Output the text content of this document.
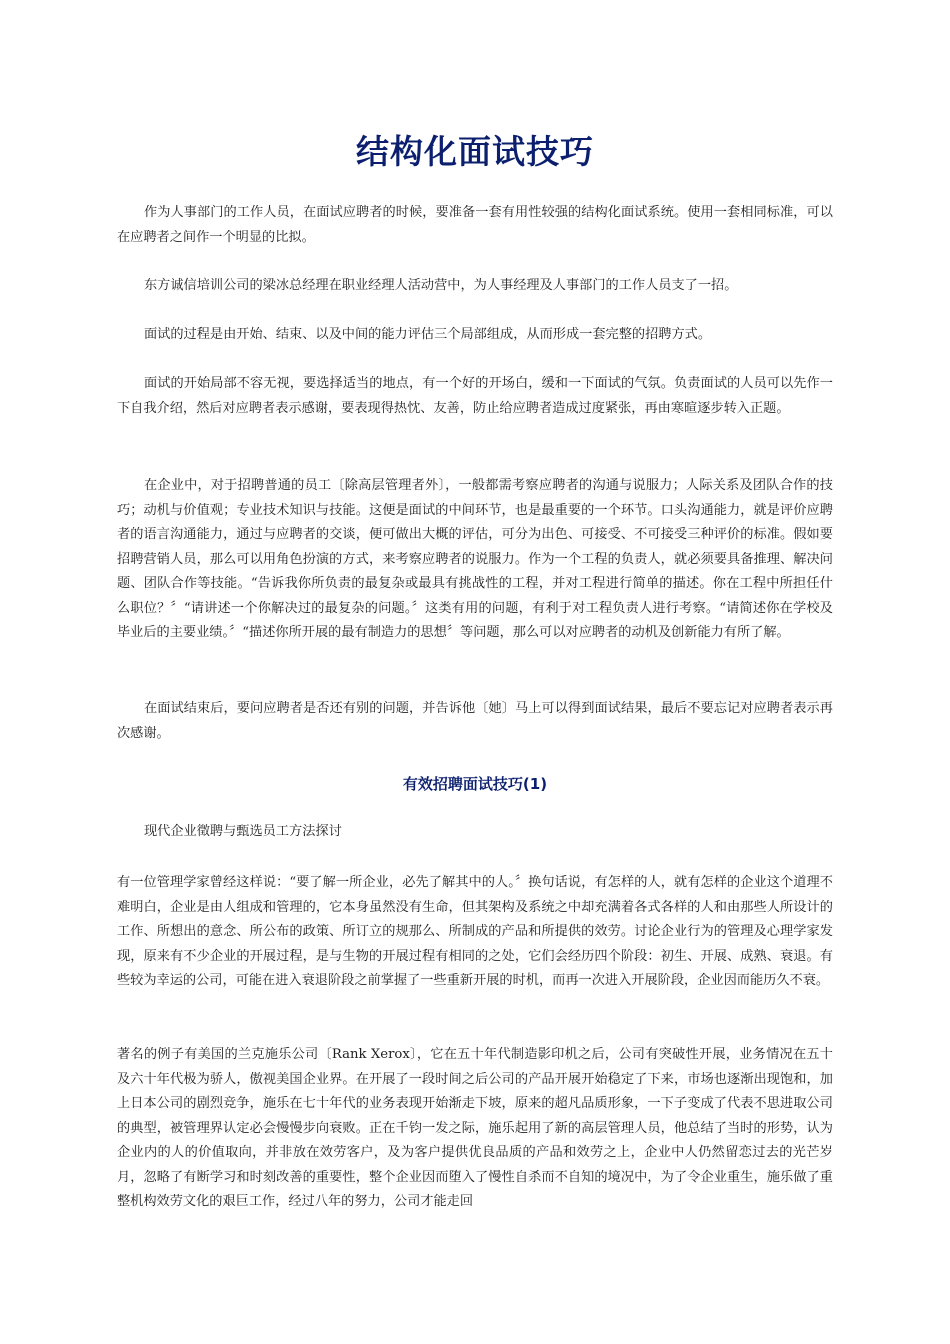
结构化面试技巧

作为人事部门的工作人员，在面试应聘者的时候，要准备一套有用性较强的结构化面试系统。使用一套相同标准，可以在应聘者之间作一个明显的比拟。

东方诚信培训公司的梁冰总经理在职业经理人活动营中，为人事经理及人事部门的工作人员支了一招。

面试的过程是由开始、结束、以及中间的能力评估三个局部组成，从而形成一套完整的招聘方式。

面试的开始局部不容无视，要选择适当的地点，有一个好的开场白，缓和一下面试的气氛。负责面试的人员可以先作一下自我介绍，然后对应聘者表示感谢，要表现得热忱、友善，防止给应聘者造成过度紧张，再由寒暄逐步转入正题。

在企业中，对于招聘普通的员工〔除高层管理者外〕，一般都需考察应聘者的沟通与说服力；人际关系及团队合作的技巧；动机与价值观；专业技术知识与技能。这便是面试的中间环节，也是最重要的一个环节。口头沟通能力，就是评价应聘者的语言沟通能力，通过与应聘者的交谈，便可做出大概的评估，可分为出色、可接受、不可接受三种评价的标准。假如要招聘营销人员，那么可以用角色扮演的方式，来考察应聘者的说服力。作为一个工程的负责人，就必须要具备推理、解决问题、团队合作等技能。“告诉我你所负责的最复杂或最具有挑战性的工程，并对工程进行简单的描述。你在工程中所担任什么职位？〞“请讲述一个你解决过的最复杂的问题。〞这类有用的问题，有利于对工程负责人进行考察。“请简述你在学校及毕业后的主要业绩。〞“描述你所开展的最有制造力的思想〞等问题，那么可以对应聘者的动机及创新能力有所了解。

在面试结束后，要问应聘者是否还有别的问题，并告诉他〔她〕马上可以得到面试结果，最后不要忘记对应聘者表示再次感谢。

有效招聘面试技巧(1)

现代企业徵聘与甄选员工方法探讨

有一位管理学家曾经这样说：“要了解一所企业，必先了解其中的人。〞换句话说，有怎样的人，就有怎样的企业这个道理不难明白，企业是由人组成和管理的，它本身虽然没有生命，但其架构及系统之中却充满着各式各样的人和由那些人所设计的工作、所想出的意念、所公布的政策、所订立的规那么、所制成的产品和所提供的效劳。讨论企业行为的管理及心理学家发现，原来有不少企业的开展过程，是与生物的开展过程有相同的之处，它们会经历四个阶段：初生、开展、成熟、衰退。有些较为幸运的公司，可能在进入衰退阶段之前掌握了一些重新开展的时机，而再一次进入开展阶段，企业因而能历久不衰。

著名的例子有美国的兰克施乐公司〔Rank Xerox〕，它在五十年代制造影印机之后，公司有突破性开展，业务情况在五十及六十年代极为骄人，傲视美国企业界。在开展了一段时间之后公司的产品开展开始稳定了下来，市场也逐渐出现饱和，加上日本公司的剧烈竞争，施乐在七十年代的业务表现开始渐走下坡，原来的超凡品质形象，一下子变成了代表不思进取公司的典型，被管理界认定必会慢慢步向衰败。正在千钧一发之际，施乐起用了新的高层管理人员，他总结了当时的形势，认为企业内的人的价值取向，并非放在效劳客户，及为客户提供优良品质的产品和效劳之上，企业中人仍然留恋过去的光芒岁月，忽略了有断学习和时刻改善的重要性，整个企业因而堕入了慢性自杀而不自知的境况中，为了令企业重生，施乐做了重整机构效劳文化的艰巨工作，经过八年的努力，公司才能走回
